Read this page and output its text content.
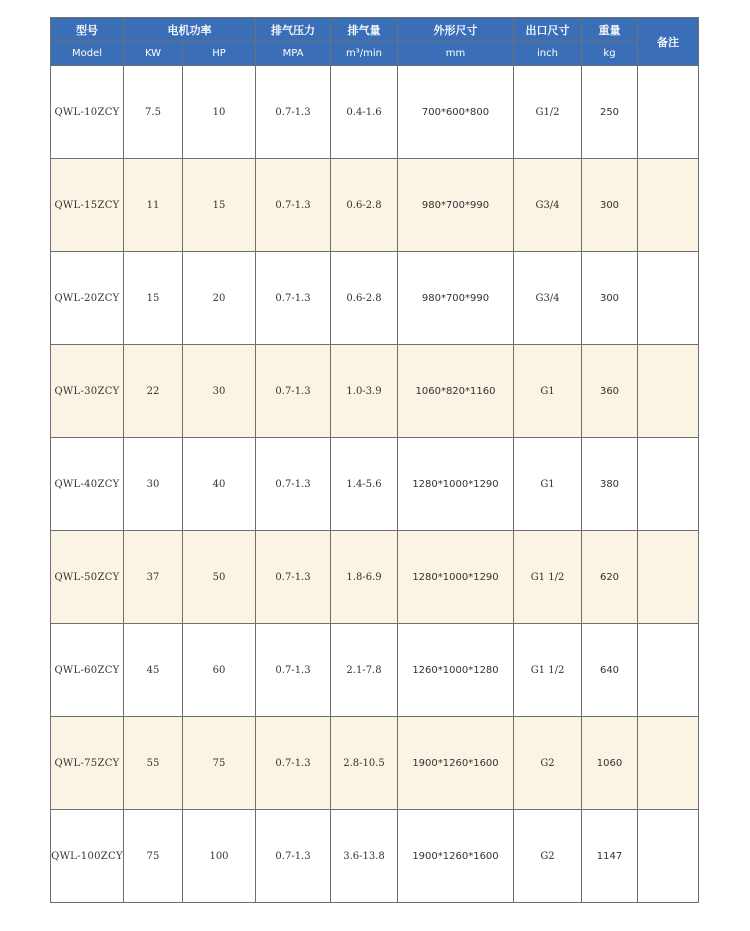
型号	电机功率		排气压力	排气量	外形尺寸	出口尺寸	重量	备注
Model	KW	HP	MPA	m³/min	mm	inch	kg	
QWL-10ZCY	7.5	10	0.7-1.3	0.4-1.6	700*600*800	G1/2	250	
QWL-15ZCY	11	15	0.7-1.3	0.6-2.8	980*700*990	G3/4	300	
QWL-20ZCY	15	20	0.7-1.3	0.6-2.8	980*700*990	G3/4	300	
QWL-30ZCY	22	30	0.7-1.3	1.0-3.9	1060*820*1160	G1	360	
QWL-40ZCY	30	40	0.7-1.3	1.4-5.6	1280*1000*1290	G1	380	
QWL-50ZCY	37	50	0.7-1.3	1.8-6.9	1280*1000*1290	G1 1/2	620	
QWL-60ZCY	45	60	0.7-1.3	2.1-7.8	1260*1000*1280	G1 1/2	640	
QWL-75ZCY	55	75	0.7-1.3	2.8-10.5	1900*1260*1600	G2	1060	
QWL-100ZCY	75	100	0.7-1.3	3.6-13.8	1900*1260*1600	G2	1147	
